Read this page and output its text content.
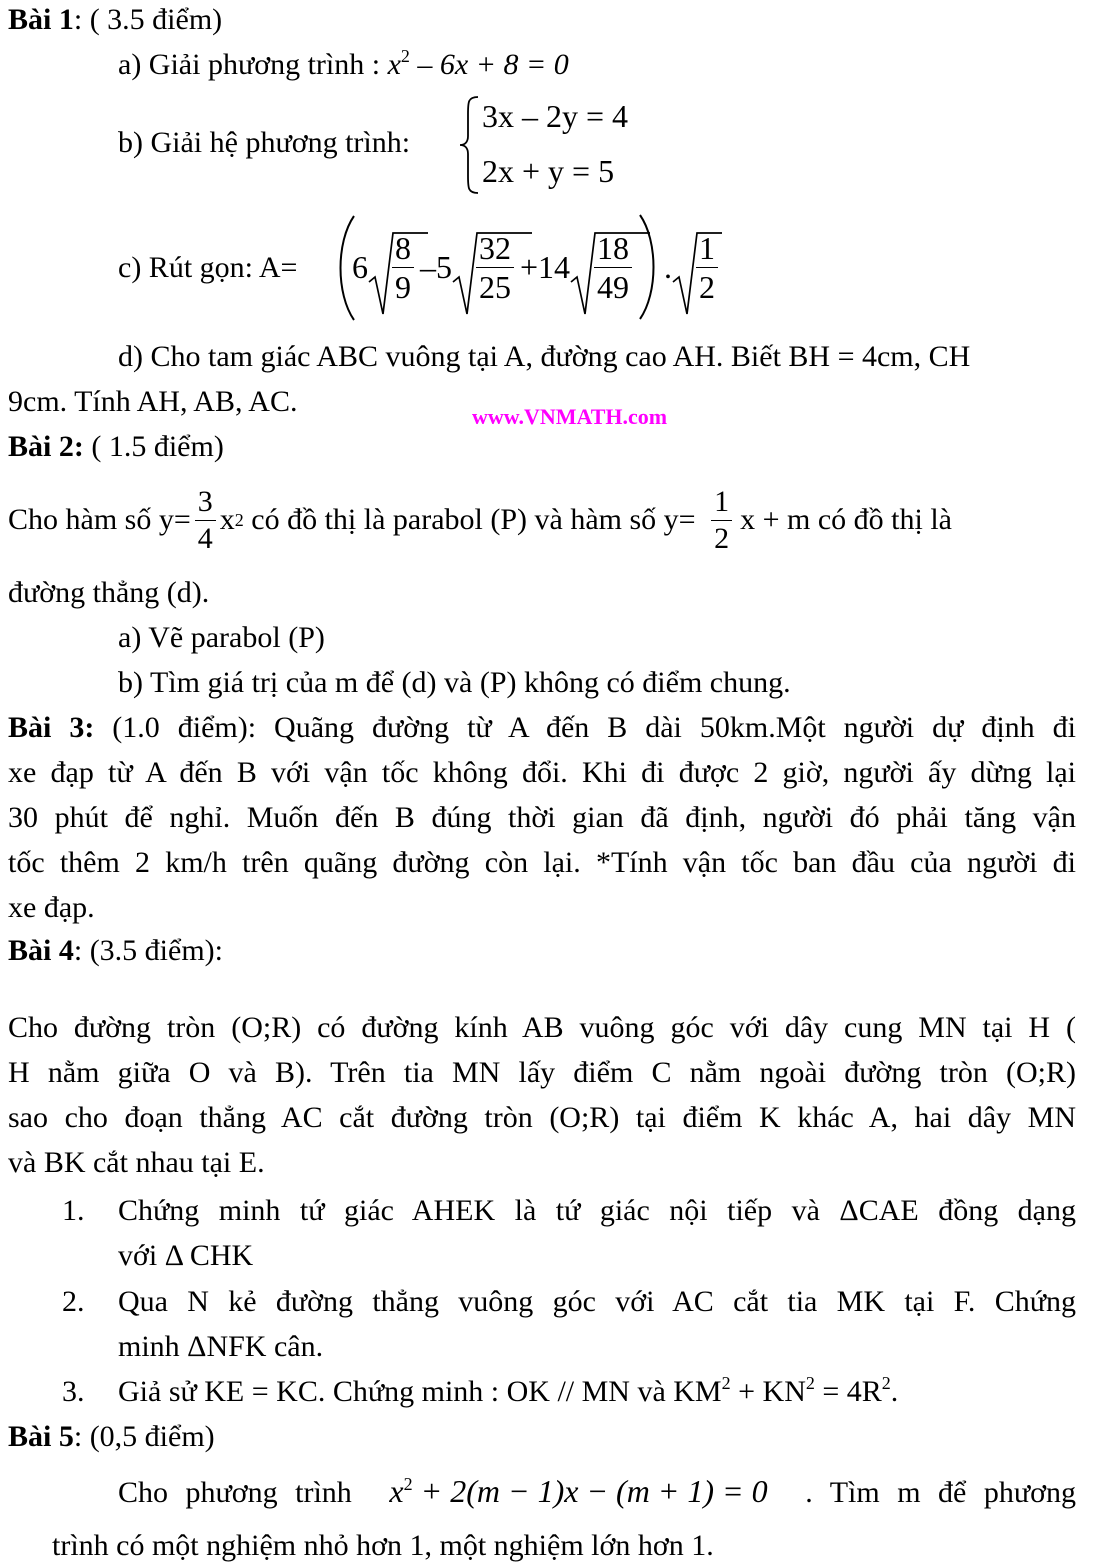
Bài 1: ( 3.5 điểm)
a) Giải phương trình : $x^2 - 6x + 8 = 0$
b) Giải hệ phương trình:
3x – 2y = 4
2x + y = 5
c) Rút gọn: $A= 6 \frac{8}{9} -5 \frac{32}{25} +14 \frac{18}{49}$ . $\frac{1}{2}$
d) Cho tam giác ABC vuông tại A, đường cao AH. Biết BH = 4cm, CH
9cm. Tính AH, AB, AC.	www.VNMATH.com
Bài 2: ( 1.5 điểm)
Cho hàm số $y= \frac{3}{4}$ x 2 có đồ thị là parabol (P) và hàm số $y= \frac{1}{2}$ x + m có đồ thị là
đường thẳng (d).
a) Vẽ parabol (P)
b) Tìm giá trị của m để (d) và (P) không có điểm chung.
Bài 3: (1.0 điểm): Quãng đường từ A đến B dài 50km.Một người dự định đi
xe đạp từ A đến B với vận tốc không đổi. Khi đi được 2 giờ, người ấy dừng lại
30 phút để nghỉ. Muốn đến B đúng thời gian đã định, người đó phải tăng vận
tốc thêm 2 km/h trên quãng đường còn lại. *Tính vận tốc ban đầu của người đi
xe đạp.
Bài 4: (3.5 điểm):
Cho đường tròn (O;R) có đường kính AB vuông góc với dây cung MN tại H (
H nằm giữa O và B). Trên tia MN lấy điểm C nằm ngoài đường tròn (O;R)
sao cho đoạn thẳng AC cắt đường tròn (O;R) tại điểm K khác A, hai dây MN
và BK cắt nhau tại E.
1. Chứng minh tứ giác AHEK là tứ giác nội tiếp và ΔCAE đồng dạng
với Δ CHK
2. Qua N kẻ đường thẳng vuông góc với AC cắt tia MK tại F. Chứng
minh ΔNFK cân.
3. Giả sử KE = KC. Chứng minh : OK // MN và $KM^2 + KN^2 = 4R^2$.
Bài 5: (0,5 điểm)
Cho phương trình $x^2 + 2(m - 1)x - (m + 1) = 0$ . Tìm m để phương
trình có một nghiệm nhỏ hơn 1, một nghiệm lớn hơn 1.
